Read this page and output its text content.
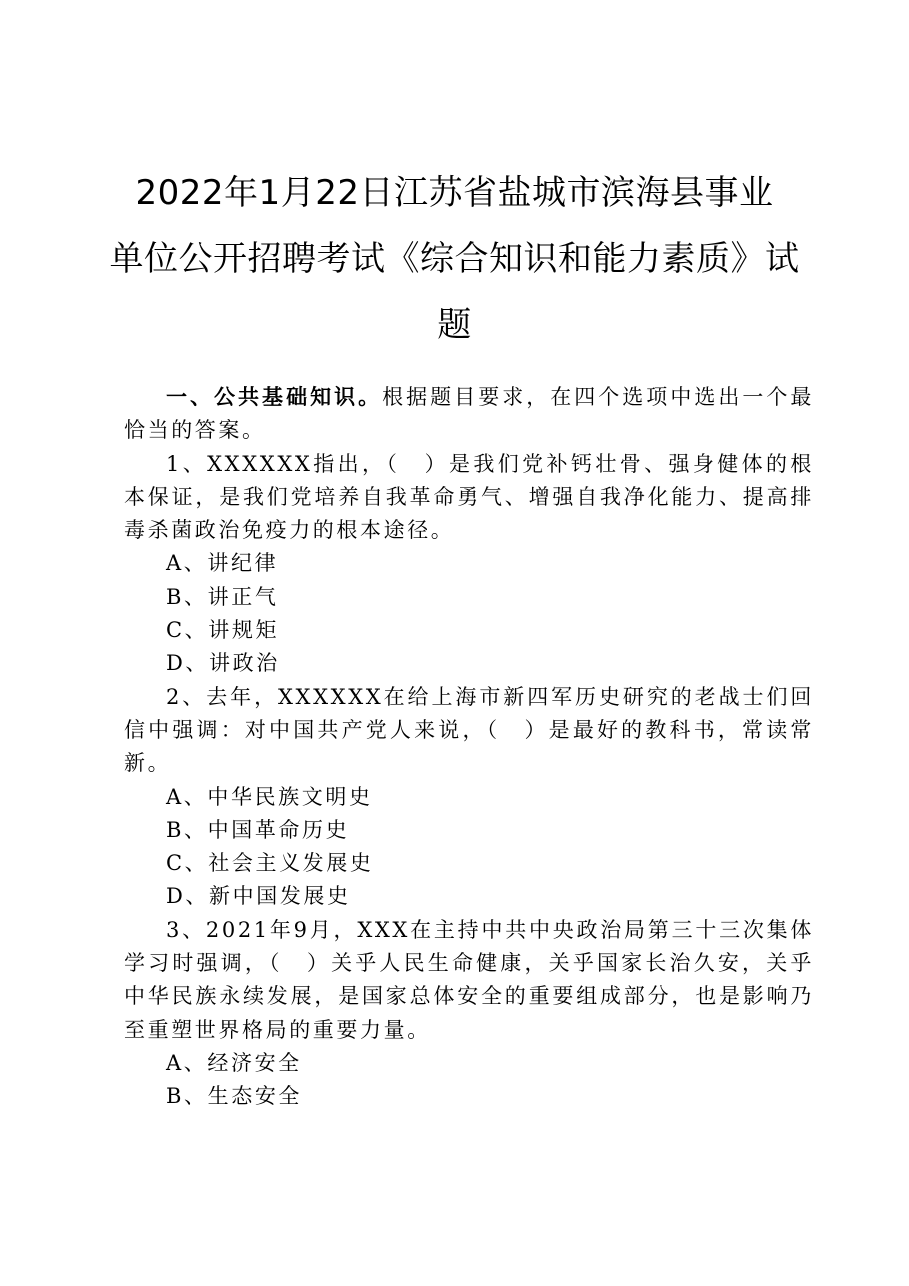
2022年1月22日江苏省盐城市滨海县事业
单位公开招聘考试《综合知识和能力素质》试
题

一、公共基础知识。根据题目要求，在四个选项中选出一个最恰当的答案。

1、XXXXXX指出，（　）是我们党补钙壮骨、强身健体的根本保证，是我们党培养自我革命勇气、增强自我净化能力、提高排毒杀菌政治免疫力的根本途径。

A、讲纪律
B、讲正气
C、讲规矩
D、讲政治

2、去年，XXXXXX在给上海市新四军历史研究的老战士们回信中强调：对中国共产党人来说，（　）是最好的教科书，常读常新。

A、中华民族文明史
B、中国革命历史
C、社会主义发展史
D、新中国发展史

3、2021年9月，XXX在主持中共中央政治局第三十三次集体学习时强调，（　）关乎人民生命健康，关乎国家长治久安，关乎中华民族永续发展，是国家总体安全的重要组成部分，也是影响乃至重塑世界格局的重要力量。

A、经济安全
B、生态安全
